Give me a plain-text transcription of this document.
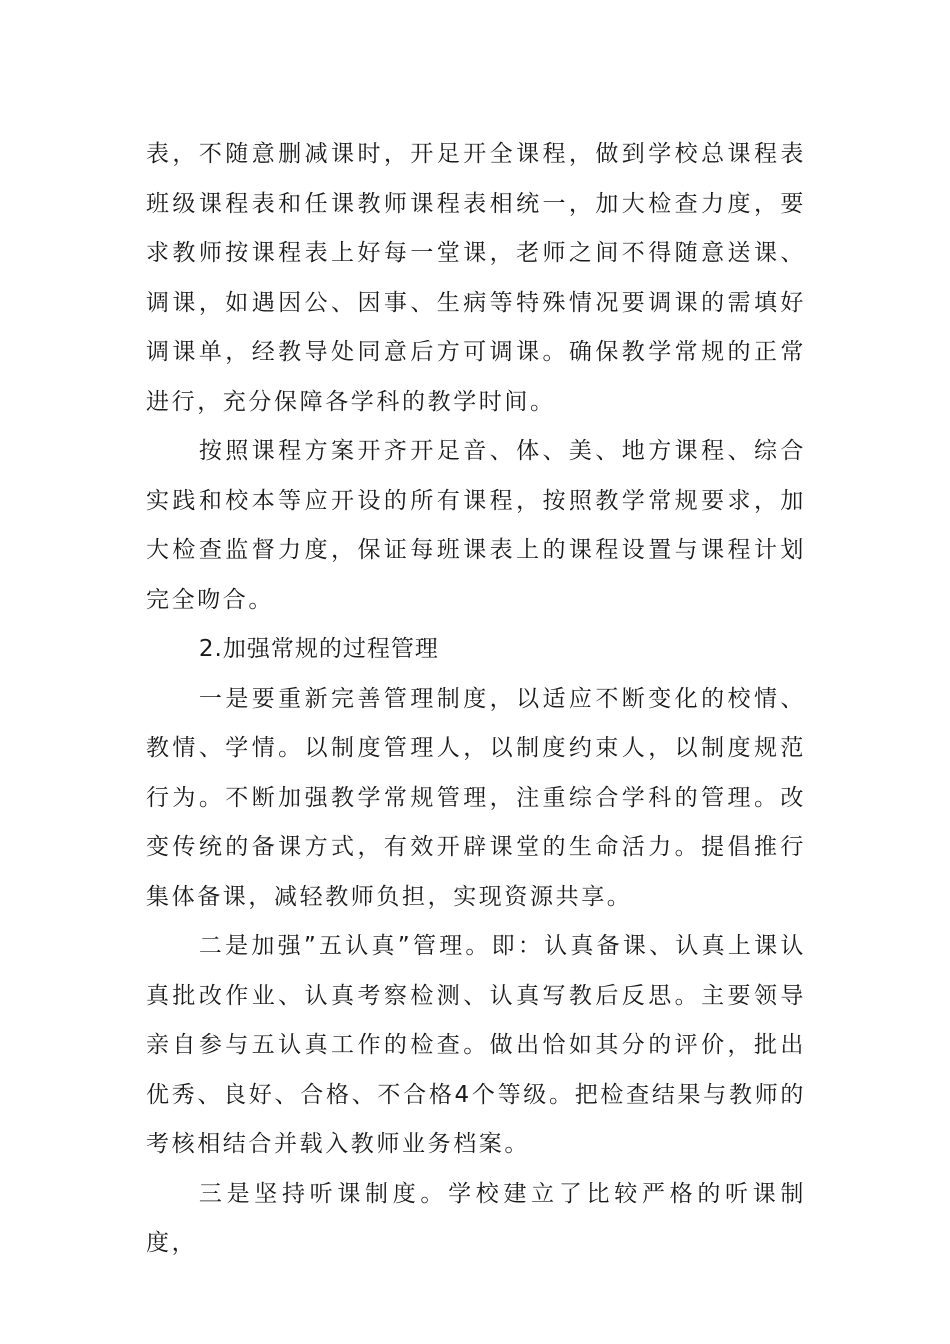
表，不随意删减课时，开足开全课程，做到学校总课程表班级课程表和任课教师课程表相统一，加大检查力度，要求教师按课程表上好每一堂课，老师之间不得随意送课、调课，如遇因公、因事、生病等特殊情况要调课的需填好调课单，经教导处同意后方可调课。确保教学常规的正常进行，充分保障各学科的教学时间。

按照课程方案开齐开足音、体、美、地方课程、综合实践和校本等应开设的所有课程，按照教学常规要求，加大检查监督力度，保证每班课表上的课程设置与课程计划完全吻合。

2.加强常规的过程管理

一是要重新完善管理制度，以适应不断变化的校情、教情、学情。以制度管理人，以制度约束人，以制度规范行为。不断加强教学常规管理，注重综合学科的管理。改变传统的备课方式，有效开辟课堂的生命活力。提倡推行集体备课，减轻教师负担，实现资源共享。

二是加强”五认真”管理。即：认真备课、认真上课认真批改作业、认真考察检测、认真写教后反思。主要领导亲自参与五认真工作的检查。做出恰如其分的评价，批出优秀、良好、合格、不合格4个等级。把检查结果与教师的考核相结合并载入教师业务档案。

三是坚持听课制度。学校建立了比较严格的听课制度，
